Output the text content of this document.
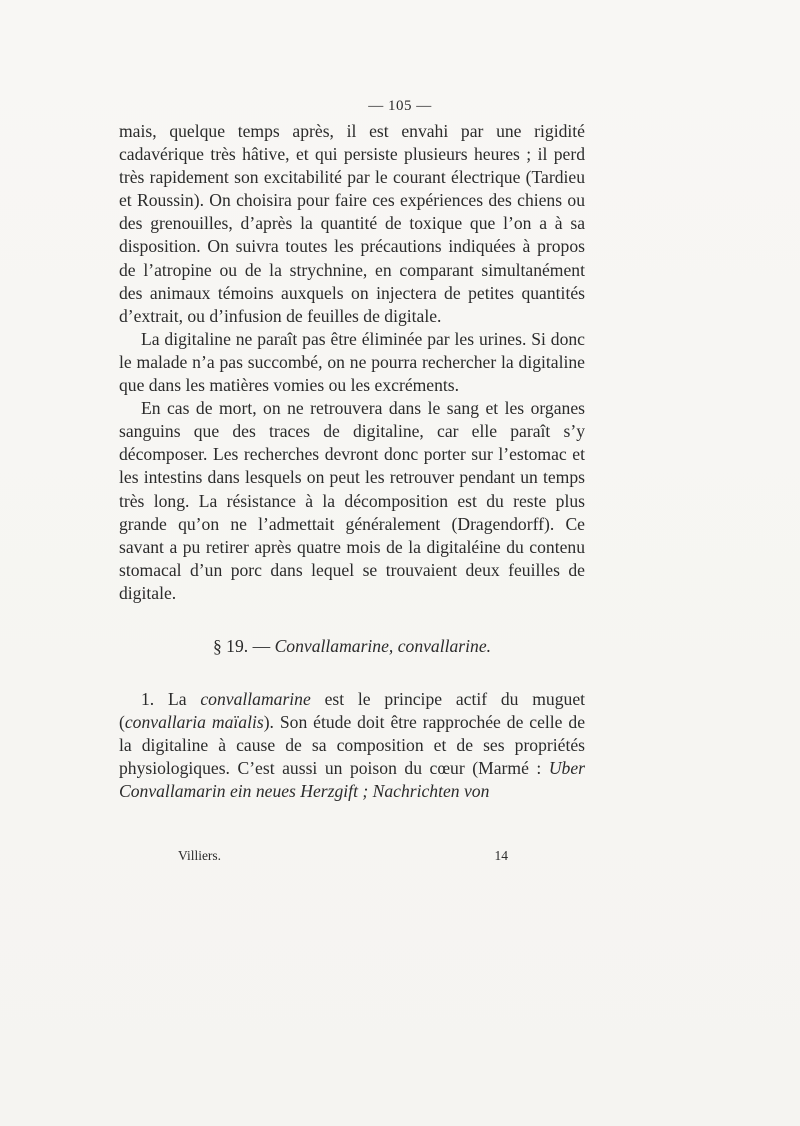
— 105 —

mais, quelque temps après, il est envahi par une rigidité cadavérique très hâtive, et qui persiste plusieurs heures ; il perd très rapidement son excitabilité par le courant électrique (Tardieu et Roussin). On choisira pour faire ces expériences des chiens ou des grenouilles, d’après la quantité de toxique que l’on a à sa disposition. On suivra toutes les précautions indiquées à propos de l’atropine ou de la strychnine, en comparant simultanément des animaux témoins auxquels on injectera de petites quantités d’extrait, ou d’infusion de feuilles de digitale.

La digitaline ne paraît pas être éliminée par les urines. Si donc le malade n’a pas succombé, on ne pourra rechercher la digitaline que dans les matières vomies ou les excréments.

En cas de mort, on ne retrouvera dans le sang et les organes sanguins que des traces de digitaline, car elle paraît s’y décomposer. Les recherches devront donc porter sur l’estomac et les intestins dans lesquels on peut les retrouver pendant un temps très long. La résistance à la décomposition est du reste plus grande qu’on ne l’admettait généralement (Dragendorff). Ce savant a pu retirer après quatre mois de la digitaléine du contenu stomacal d’un porc dans lequel se trouvaient deux feuilles de digitale.

§ 19. — Convallamarine, convallarine.

1. La convallamarine est le principe actif du muguet (convallaria maïalis). Son étude doit être rapprochée de celle de la digitaline à cause de sa composition et de ses propriétés physiologiques. C’est aussi un poison du cœur (Marmé : Uber Convallamarin ein neues Herzgift ; Nachrichten von

Villiers.	14
